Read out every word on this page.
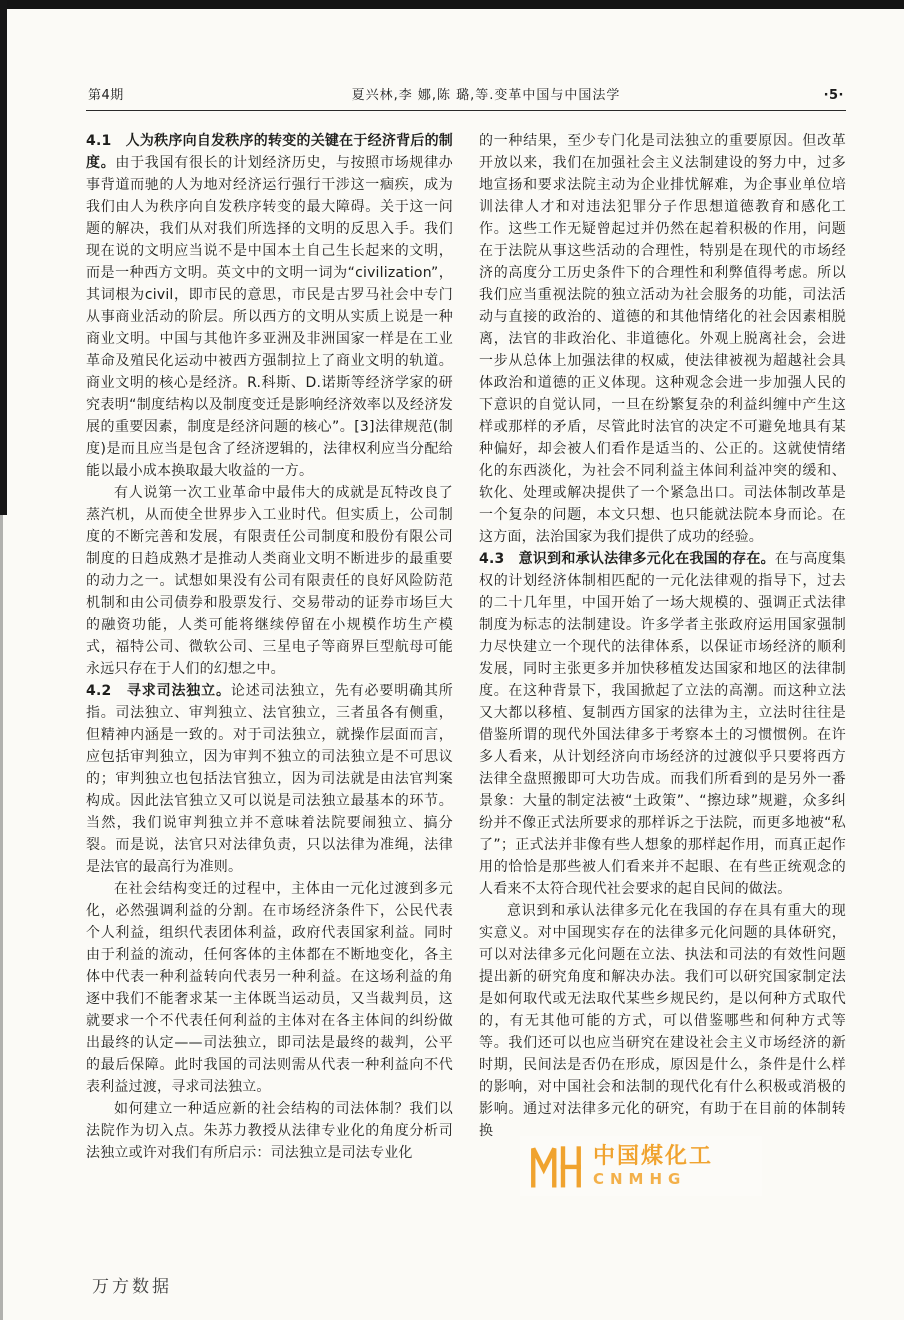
第4期	夏兴林,李 娜,陈 璐,等.变革中国与中国法学	·5·

4.1　人为秩序向自发秩序的转变的关键在于经济背后的制度。由于我国有很长的计划经济历史，与按照市场规律办事背道而驰的人为地对经济运行强行干涉这一痼疾，成为我们由人为秩序向自发秩序转变的最大障碍。关于这一问题的解决，我们从对我们所选择的文明的反思入手。我们现在说的文明应当说不是中国本土自己生长起来的文明，而是一种西方文明。英文中的文明一词为“civilization”，其词根为civil，即市民的意思，市民是古罗马社会中专门从事商业活动的阶层。所以西方的文明从实质上说是一种商业文明。中国与其他许多亚洲及非洲国家一样是在工业革命及殖民化运动中被西方强制拉上了商业文明的轨道。商业文明的核心是经济。R.科斯、D.诺斯等经济学家的研究表明“制度结构以及制度变迁是影响经济效率以及经济发展的重要因素，制度是经济问题的核心”。[3]法律规范(制度)是而且应当是包含了经济逻辑的，法律权利应当分配给能以最小成本换取最大收益的一方。

有人说第一次工业革命中最伟大的成就是瓦特改良了蒸汽机，从而使全世界步入工业时代。但实质上，公司制度的不断完善和发展，有限责任公司制度和股份有限公司制度的日趋成熟才是推动人类商业文明不断进步的最重要的动力之一。试想如果没有公司有限责任的良好风险防范机制和由公司债券和股票发行、交易带动的证券市场巨大的融资功能，人类可能将继续停留在小规模作坊生产模式，福特公司、微软公司、三星电子等商界巨型航母可能永远只存在于人们的幻想之中。

4.2　寻求司法独立。论述司法独立，先有必要明确其所指。司法独立、审判独立、法官独立，三者虽各有侧重，但精神内涵是一致的。对于司法独立，就操作层面而言，应包括审判独立，因为审判不独立的司法独立是不可思议的；审判独立也包括法官独立，因为司法就是由法官判案构成。因此法官独立又可以说是司法独立最基本的环节。当然，我们说审判独立并不意味着法院要闹独立、搞分裂。而是说，法官只对法律负责，只以法律为准绳，法律是法官的最高行为准则。

在社会结构变迁的过程中，主体由一元化过渡到多元化，必然强调利益的分割。在市场经济条件下，公民代表个人利益，组织代表团体利益，政府代表国家利益。同时由于利益的流动，任何客体的主体都在不断地变化，各主体中代表一种利益转向代表另一种利益。在这场利益的角逐中我们不能奢求某一主体既当运动员，又当裁判员，这就要求一个不代表任何利益的主体对在各主体间的纠纷做出最终的认定——司法独立，即司法是最终的裁判，公平的最后保障。此时我国的司法则需从代表一种利益向不代表利益过渡，寻求司法独立。

如何建立一种适应新的社会结构的司法体制？我们以法院作为切入点。朱苏力教授从法律专业化的角度分析司法独立或许对我们有所启示：司法独立是司法专业化

的一种结果，至少专门化是司法独立的重要原因。但改革开放以来，我们在加强社会主义法制建设的努力中，过多地宣扬和要求法院主动为企业排忧解难，为企事业单位培训法律人才和对违法犯罪分子作思想道德教育和感化工作。这些工作无疑曾起过并仍然在起着积极的作用，问题在于法院从事这些活动的合理性，特别是在现代的市场经济的高度分工历史条件下的合理性和利弊值得考虑。所以我们应当重视法院的独立活动为社会服务的功能，司法活动与直接的政治的、道德的和其他情绪化的社会因素相脱离，法官的非政治化、非道德化。外观上脱离社会，会进一步从总体上加强法律的权威，使法律被视为超越社会具体政治和道德的正义体现。这种观念会进一步加强人民的下意识的自觉认同，一旦在纷繁复杂的利益纠缠中产生这样或那样的矛盾，尽管此时法官的决定不可避免地具有某种偏好，却会被人们看作是适当的、公正的。这就使情绪化的东西淡化，为社会不同利益主体间利益冲突的缓和、软化、处理或解决提供了一个紧急出口。司法体制改革是一个复杂的问题，本文只想、也只能就法院本身而论。在这方面，法治国家为我们提供了成功的经验。

4.3　意识到和承认法律多元化在我国的存在。在与高度集权的计划经济体制相匹配的一元化法律观的指导下，过去的二十几年里，中国开始了一场大规模的、强调正式法律制度为标志的法制建设。许多学者主张政府运用国家强制力尽快建立一个现代的法律体系，以保证市场经济的顺利发展，同时主张更多并加快移植发达国家和地区的法律制度。在这种背景下，我国掀起了立法的高潮。而这种立法又大都以移植、复制西方国家的法律为主，立法时往往是借鉴所谓的现代外国法律多于考察本土的习惯惯例。在许多人看来，从计划经济向市场经济的过渡似乎只要将西方法律全盘照搬即可大功告成。而我们所看到的是另外一番景象：大量的制定法被“土政策”、“擦边球”规避，众多纠纷并不像正式法所要求的那样诉之于法院，而更多地被“私了”；正式法并非像有些人想象的那样起作用，而真正起作用的恰恰是那些被人们看来并不起眼、在有些正统观念的人看来不太符合现代社会要求的起自民间的做法。

意识到和承认法律多元化在我国的存在具有重大的现实意义。对中国现实存在的法律多元化问题的具体研究，可以对法律多元化问题在立法、执法和司法的有效性问题提出新的研究角度和解决办法。我们可以研究国家制定法是如何取代或无法取代某些乡规民约，是以何种方式取代的，有无其他可能的方式，可以借鉴哪些和何种方式等等。我们还可以也应当研究在建设社会主义市场经济的新时期，民间法是否仍在形成，原因是什么，条件是什么样的影响，对中国社会和法制的现代化有什么积极或消极的影响。通过对法律多元化的研究，有助于在目前的体制转换

中国煤化工
CNMHG
万方数据
